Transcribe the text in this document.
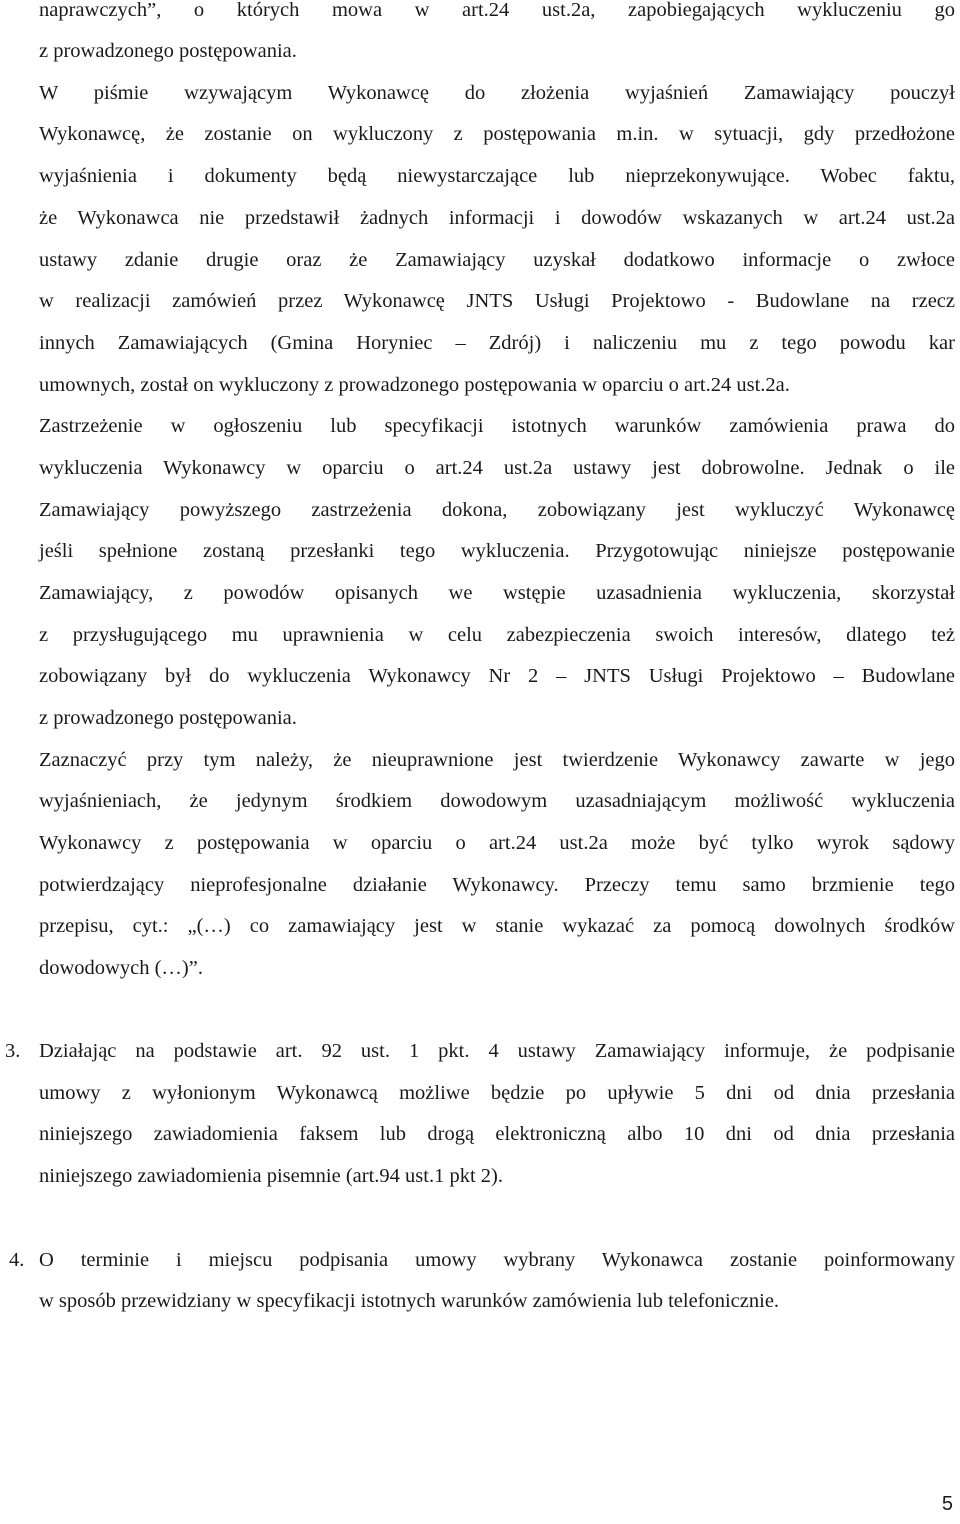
naprawczych”, o których mowa w art.24 ust.2a, zapobiegających wykluczeniu go
z prowadzonego postępowania.
W piśmie wzywającym Wykonawcę do złożenia wyjaśnień Zamawiający pouczył
Wykonawcę, że zostanie on wykluczony z postępowania m.in. w sytuacji, gdy przedłożone
wyjaśnienia i dokumenty będą niewystarczające lub nieprzekonywujące. Wobec faktu,
że Wykonawca nie przedstawił żadnych informacji i dowodów wskazanych w art.24 ust.2a
ustawy zdanie drugie oraz że Zamawiający uzyskał dodatkowo informacje o zwłoce
w realizacji zamówień przez Wykonawcę JNTS Usługi Projektowo - Budowlane na rzecz
innych Zamawiających (Gmina Horyniec – Zdrój) i naliczeniu mu z tego powodu kar
umownych, został on wykluczony z prowadzonego postępowania w oparciu o art.24 ust.2a.
Zastrzeżenie w ogłoszeniu lub specyfikacji istotnych warunków zamówienia prawa do
wykluczenia Wykonawcy w oparciu o art.24 ust.2a ustawy jest dobrowolne. Jednak o ile
Zamawiający powyższego zastrzeżenia dokona, zobowiązany jest wykluczyć Wykonawcę
jeśli spełnione zostaną przesłanki tego wykluczenia. Przygotowując niniejsze postępowanie
Zamawiający, z powodów opisanych we wstępie uzasadnienia wykluczenia, skorzystał
z przysługującego mu uprawnienia w celu zabezpieczenia swoich interesów, dlatego też
zobowiązany był do wykluczenia Wykonawcy Nr 2 – JNTS Usługi Projektowo – Budowlane
z prowadzonego postępowania.
Zaznaczyć przy tym należy, że nieuprawnione jest twierdzenie Wykonawcy zawarte w jego
wyjaśnieniach, że jedynym środkiem dowodowym uzasadniającym możliwość wykluczenia
Wykonawcy z postępowania w oparciu o art.24 ust.2a może być tylko wyrok sądowy
potwierdzający nieprofesjonalne działanie Wykonawcy. Przeczy temu samo brzmienie tego
przepisu, cyt.: „(…) co zamawiający jest w stanie wykazać za pomocą dowolnych środków
dowodowych (…)”.
3. Działając na podstawie art. 92 ust. 1 pkt. 4 ustawy Zamawiający informuje, że podpisanie
umowy z wyłonionym Wykonawcą możliwe będzie po upływie 5 dni od dnia przesłania
niniejszego zawiadomienia faksem lub drogą elektroniczną albo 10 dni od dnia przesłania
niniejszego zawiadomienia pisemnie (art.94 ust.1 pkt 2).
4. O terminie i miejscu podpisania umowy wybrany Wykonawca zostanie poinformowany
w sposób przewidziany w specyfikacji istotnych warunków zamówienia lub telefonicznie.
5
